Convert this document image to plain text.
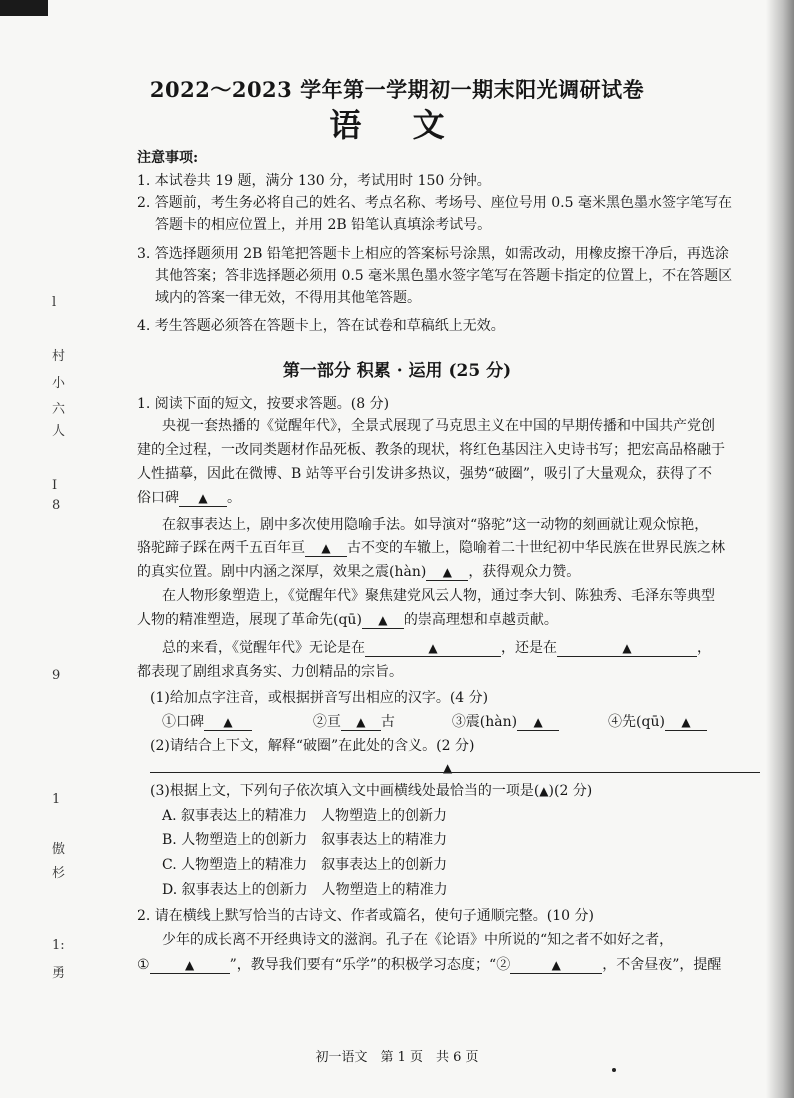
l
村
小
六
人
I
8
9
1
傲
杉
1:
勇
2022～2023 学年第一学期初一期末阳光调研试卷
语 文
注意事项:
1. 本试卷共 19 题，满分 130 分，考试用时 150 分钟。
2. 答题前，考生务必将自己的姓名、考点名称、考场号、座位号用 0.5 毫米黑色墨水签字笔写在
答题卡的相应位置上，并用 2B 铅笔认真填涂考试号。
3. 答选择题须用 2B 铅笔把答题卡上相应的答案标号涂黑，如需改动，用橡皮擦干净后，再选涂
其他答案；答非选择题必须用 0.5 毫米黑色墨水签字笔写在答题卡指定的位置上，不在答题区
域内的答案一律无效，不得用其他笔答题。
4. 考生答题必须答在答题卡上，答在试卷和草稿纸上无效。
第一部分 积累 · 运用 (25 分)
1. 阅读下面的短文，按要求答题。(8 分)
央视一套热播的《觉醒年代》，全景式展现了马克思主义在中国的早期传播和中国共产党创
建的全过程，一改同类题材作品死板、教条的现状，将红色基因注入史诗书写；把宏高品格融于
人性描摹，因此在微博、B 站等平台引发讲多热议，强势“破圈”，吸引了大量观众，获得了不
俗口碑 ▲ 。
在叙事表达上，剧中多次使用隐喻手法。如导演对“骆驼”这一动物的刻画就让观众惊艳，
骆驼蹄子踩在两千五百年亘 ▲ 古不变的车辙上，隐喻着二十世纪初中华民族在世界民族之林
的真实位置。剧中内涵之深厚，效果之震(hàn) ▲ ，获得观众力赞。
在人物形象塑造上，《觉醒年代》聚焦建党风云人物，通过李大钊、陈独秀、毛泽东等典型
人物的精准塑造，展现了革命先(qū) ▲ 的崇高理想和卓越贡献。
总的来看，《觉醒年代》无论是在	▲	，还是在	▲	，
都表现了剧组求真务实、力创精品的宗旨。
(1)给加点字注音，或根据拼音写出相应的汉字。(4 分)
①口碑 ▲	②亘 ▲ 古	③震(hàn) ▲	④先(qū) ▲
(2)请结合上下文，解释“破圈”在此处的含义。(2 分)
▲
(3)根据上文，下列句子依次填入文中画横线处最恰当的一项是(▲)(2 分)
A. 叙事表达上的精准力　人物塑造上的创新力
B. 人物塑造上的创新力　叙事表达上的精准力
C. 人物塑造上的精准力　叙事表达上的创新力
D. 叙事表达上的创新力　人物塑造上的精准力
2. 请在横线上默写恰当的古诗文、作者或篇名，使句子通顺完整。(10 分)
少年的成长离不开经典诗文的滋润。孔子在《论语》中所说的“知之者不如好之者，
①	▲	”，教导我们要有“乐学”的积极学习态度；“②	▲	，不舍昼夜”，提醒
初一语文　第 1 页　共 6 页
